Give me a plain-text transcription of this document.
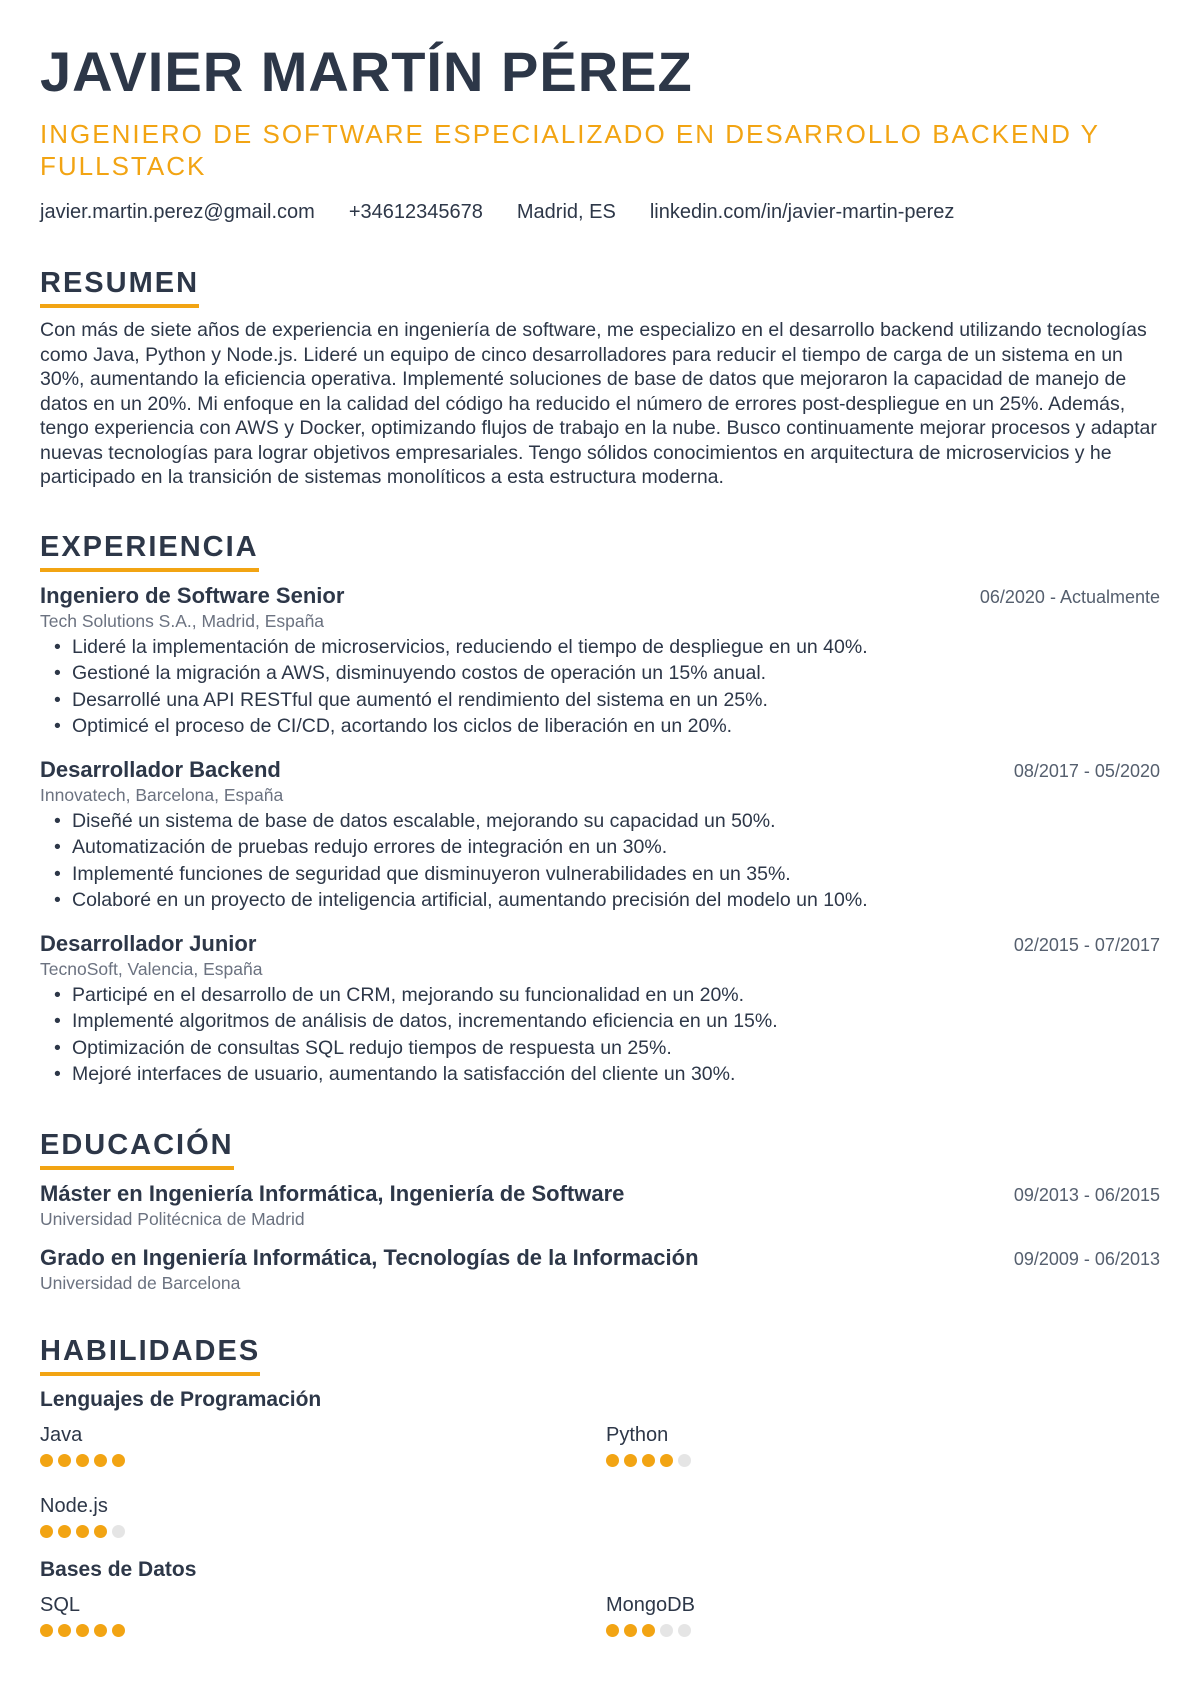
JAVIER MARTÍN PÉREZ
INGENIERO DE SOFTWARE ESPECIALIZADO EN DESARROLLO BACKEND Y FULLSTACK
javier.martin.perez@gmail.com +34612345678 Madrid, ES linkedin.com/in/javier-martin-perez
RESUMEN

Con más de siete años de experiencia en ingeniería de software, me especializo en el desarrollo backend utilizando tecnologías como Java, Python y Node.js. Lideré un equipo de cinco desarrolladores para reducir el tiempo de carga de un sistema en un 30%, aumentando la eficiencia operativa. Implementé soluciones de base de datos que mejoraron la capacidad de manejo de datos en un 20%. Mi enfoque en la calidad del código ha reducido el número de errores post-despliegue en un 25%. Además, tengo experiencia con AWS y Docker, optimizando flujos de trabajo en la nube. Busco continuamente mejorar procesos y adaptar nuevas tecnologías para lograr objetivos empresariales. Tengo sólidos conocimientos en arquitectura de microservicios y he participado en la transición de sistemas monolíticos a esta estructura moderna.

EXPERIENCIA
Ingeniero de Software Senior	06/2020 - Actualmente
Tech Solutions S.A., Madrid, España
• Lideré la implementación de microservicios, reduciendo el tiempo de despliegue en un 40%.
• Gestioné la migración a AWS, disminuyendo costos de operación un 15% anual.
• Desarrollé una API RESTful que aumentó el rendimiento del sistema en un 25%.
• Optimicé el proceso de CI/CD, acortando los ciclos de liberación en un 20%.
Desarrollador Backend	08/2017 - 05/2020
Innovatech, Barcelona, España
• Diseñé un sistema de base de datos escalable, mejorando su capacidad un 50%.
• Automatización de pruebas redujo errores de integración en un 30%.
• Implementé funciones de seguridad que disminuyeron vulnerabilidades en un 35%.
• Colaboré en un proyecto de inteligencia artificial, aumentando precisión del modelo un 10%.
Desarrollador Junior	02/2015 - 07/2017
TecnoSoft, Valencia, España
• Participé en el desarrollo de un CRM, mejorando su funcionalidad en un 20%.
• Implementé algoritmos de análisis de datos, incrementando eficiencia en un 15%.
• Optimización de consultas SQL redujo tiempos de respuesta un 25%.
• Mejoré interfaces de usuario, aumentando la satisfacción del cliente un 30%.
EDUCACIÓN
Máster en Ingeniería Informática, Ingeniería de Software	09/2013 - 06/2015
Universidad Politécnica de Madrid
Grado en Ingeniería Informática, Tecnologías de la Información	09/2009 - 06/2013
Universidad de Barcelona
HABILIDADES
Lenguajes de Programación
Java	Python
Node.js
Bases de Datos
SQL	MongoDB
